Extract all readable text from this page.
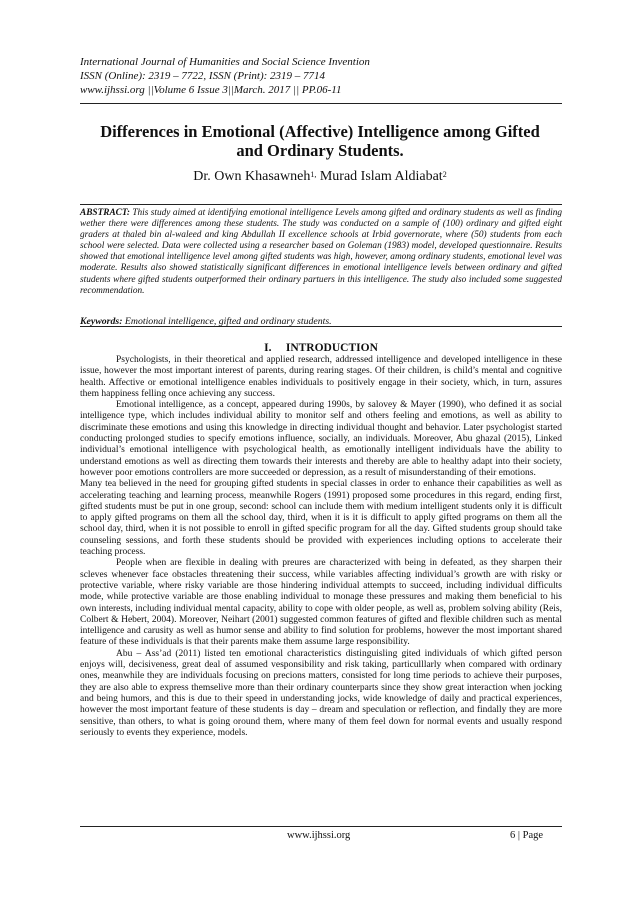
International Journal of Humanities and Social Science Invention
ISSN (Online): 2319 – 7722, ISSN (Print): 2319 – 7714
www.ijhssi.org ||Volume 6 Issue 3||March. 2017 || PP.06-11
Differences in Emotional (Affective) Intelligence among Gifted
and Ordinary Students.
Dr. Own Khasawneh$^{1,}$ Murad Islam Aldiabat$^2$
ABSTRACT: This study aimed at identifying emotional intelligence Levels among gifted and ordinary students as well as finding wether there were differences among these students. The study was conducted on a sample of (100) ordinary and gifted eight graders at thaled bin al-waleed and king Abdullah II excellence schools at Irbid governorate, where (50) students from each school were selected. Data were collected using a researcher based on Goleman (1983) model, developed questionnaire. Results showed that emotional intelligence level among gifted students was high, however, among ordinary students, emotional level was moderate. Results also showed statistically significant differences in emotional intelligence levels between ordinary and gifted students where gifted students outperformed their ordinary partuers in this intelligence. The study also included some suggested recommendation.
Keywords: Emotional intelligence, gifted and ordinary students.
I. INTRODUCTION

Psychologists, in their theoretical and applied research, addressed intelligence and developed intelligence in these issue, however the most important interest of parents, during rearing stages. Of their children, is child’s mental and cognitive health. Affective or emotional intelligence enables individuals to positively engage in their society, which, in turn, assures them happiness felling once achieving any success.

Emotional intelligence, as a concept, appeared during 1990s, by salovey & Mayer (1990), who defined it as social intelligence type, which includes individual ability to monitor self and others feeling and emotions, as well as ability to discriminate these emotions and using this knowledge in directing individual thought and behavior. Later psychologist started conducting prolonged studies to specify emotions influence, socially, an individuals. Moreover, Abu ghazal (2015), Linked individual’s emotional intelligence with psychological health, as emotionally intelligent individuals have the ability to understand emotions as well as directing them towards their interests and thereby are able to healthy adapt into their society, however poor emotions controllers are more succeeded or depression, as a result of misunderstanding of their emotions.

Many tea believed in the need for grouping gifted students in special classes in order to enhance their capabilities as well as accelerating teaching and learning process, meanwhile Rogers (1991) proposed some procedures in this regard, ending first, gifted students must be put in one group, second: school can include them with medium intelligent students only it is difficult to apply gifted programs on them all the school day, third, when it is it is difficult to apply gifted programs on them all the school day, third, when it is not possible to enroll in gifted specific program for all the day. Gifted students group should take counseling sessions, and forth these students should be provided with experiences including options to accelerate their teaching process.

People when are flexible in dealing with preures are characterized with being in defeated, as they sharpen their scleves whenever face obstacles threatening their success, while variables affecting individual’s growth are with risky or protective variable, where risky variable are those hindering individual attempts to succeed, including individual difficults mode, while protective variable are those enabling individual to monage these pressures and making them beneficial to his own interests, including individual mental capacity, ability to cope with older people, as well as, problem solving ability (Reis, Colbert & Hebert, 2004). Moreover, Neihart (2001) suggested common features of gifted and flexible children such as mental intelligence and carusity as well as humor sense and ability to find solution for problems, however the most important shared feature of these individuals is that their parents make them assume large responsibility.

Abu – Ass’ad (2011) listed ten emotional characteristics distinguisling gited individuals of which gifted person enjoys will, decisiveness, great deal of assumed vesponsibility and risk taking, particulllarly when compared with ordinary ones, meanwhile they are individuals focusing on precions matters, consisted for long time periods to achieve their purposes, they are also able to express themselive more than their ordinary counterparts since they show great interaction when jocking and being humors, and this is due to their speed in understanding jocks, wide knowledge of daily and practical experiences, however the most important feature of these students is day – dream and speculation or reflection, and findally they are more sensitive, than others, to what is going oround them, where many of them feel down for normal events and usually respond seriously to events they experience, models.

www.ijhssi.org	6 | Page
